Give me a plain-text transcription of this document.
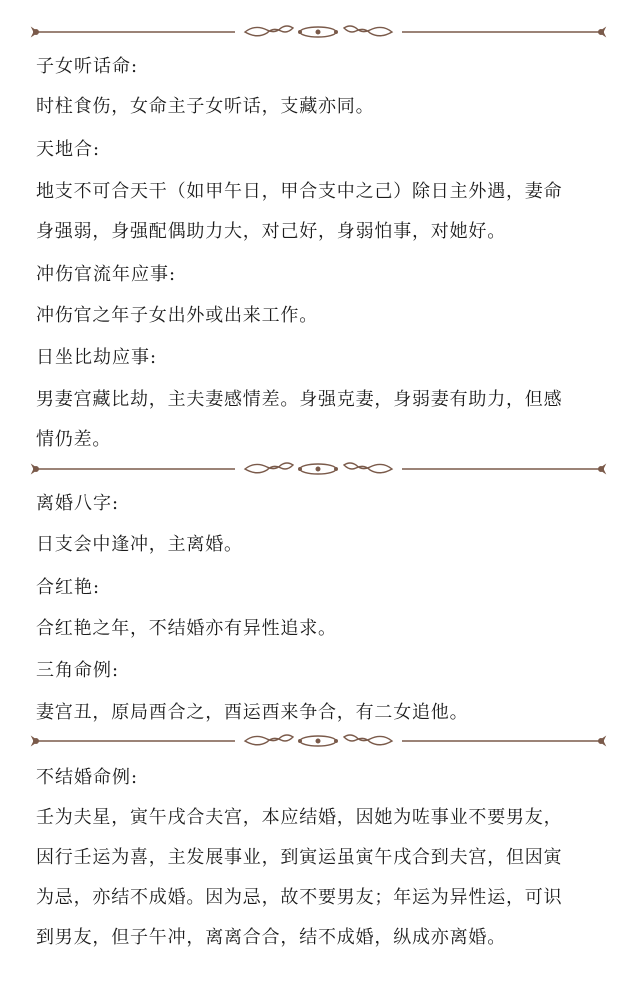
子女听话命:
时柱食伤，女命主子女听话，支藏亦同。
天地合:
地支不可合天干（如甲午日，甲合支中之己）除日主外遇，妻命
身强弱，身强配偶助力大，对己好，身弱怕事，对她好。
冲伤官流年应事:
冲伤官之年子女出外或出来工作。
日坐比劫应事:
男妻宫藏比劫，主夫妻感情差。身强克妻，身弱妻有助力，但感
情仍差。
离婚八字:
日支会中逢冲，主离婚。
合红艳:
合红艳之年，不结婚亦有异性追求。
三角命例:
妻宫丑，原局酉合之，酉运酉来争合，有二女追他。
不结婚命例:
壬为夫星，寅午戌合夫宫，本应结婚，因她为咗事业不要男友，
因行壬运为喜，主发展事业，到寅运虽寅午戌合到夫宫，但因寅
为忌，亦结不成婚。因为忌，故不要男友；年运为异性运，可识
到男友，但子午冲，离离合合，结不成婚，纵成亦离婚。
